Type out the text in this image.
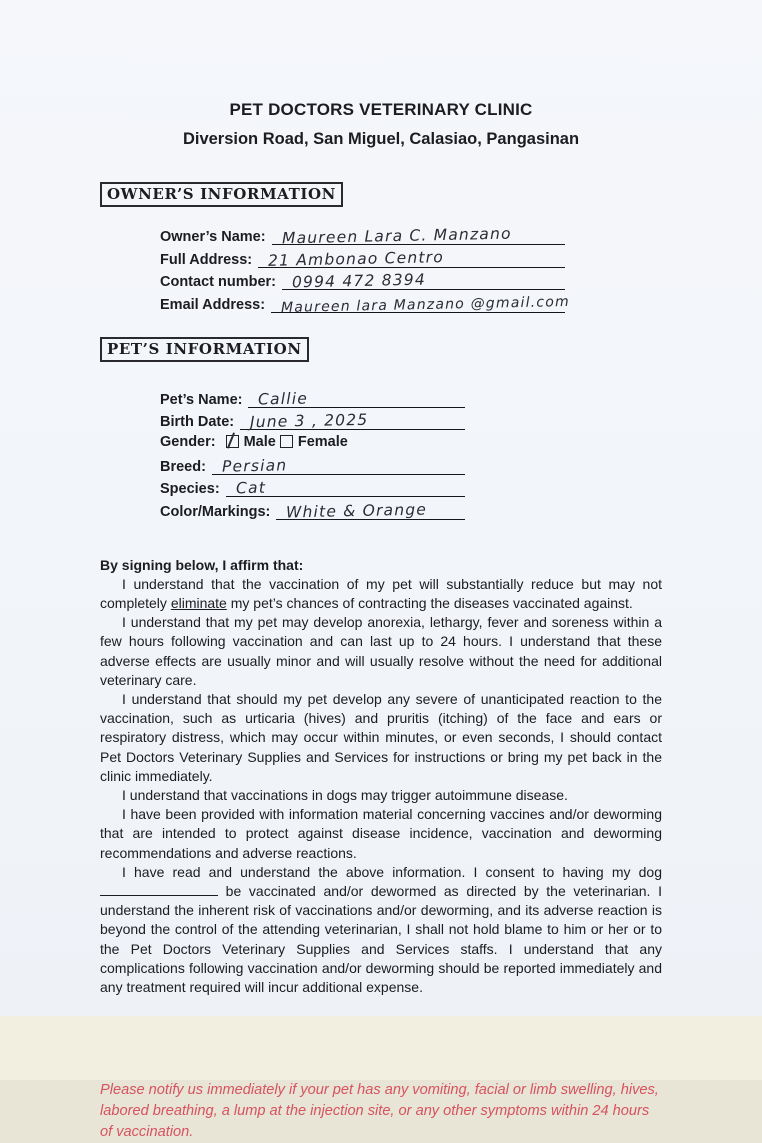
PET DOCTORS VETERINARY CLINIC

Diversion Road, San Miguel, Calasiao, Pangasinan

OWNER’S INFORMATION
Owner’s Name:	Maureen Lara C. Manzano
Full Address:	21 Ambonao Centro
Contact number:	0994 472 8394
Email Address:	Maureen lara Manzano @gmail.com
PET’S INFORMATION
Pet’s Name:	Callie
Birth Date:	June 3 , 2025
Gender:	Male Female
Breed:	Persian
Species:	Cat
Color/Markings:	White & Orange

By signing below, I affirm that:

I understand that the vaccination of my pet will substantially reduce but may not completely eliminate my pet’s chances of contracting the diseases vaccinated against.

I understand that my pet may develop anorexia, lethargy, fever and soreness within a few hours following vaccination and can last up to 24 hours. I understand that these adverse effects are usually minor and will usually resolve without the need for additional veterinary care.

I understand that should my pet develop any severe of unanticipated reaction to the vaccination, such as urticaria (hives) and pruritis (itching) of the face and ears or respiratory distress, which may occur within minutes, or even seconds, I should contact Pet Doctors Veterinary Supplies and Services for instructions or bring my pet back in the clinic immediately.

I understand that vaccinations in dogs may trigger autoimmune disease.

I have been provided with information material concerning vaccines and/or deworming that are intended to protect against disease incidence, vaccination and deworming recommendations and adverse reactions.

I have read and understand the above information. I consent to having my dog  be vaccinated and/or dewormed as directed by the veterinarian. I understand the inherent risk of vaccinations and/or deworming, and its adverse reaction is beyond the control of the attending veterinarian, I shall not hold blame to him or her or to the Pet Doctors Veterinary Supplies and Services staffs. I understand that any complications following vaccination and/or deworming should be reported immediately and any treatment required will incur additional expense.

Please notify us immediately if your pet has any vomiting, facial or limb swelling, hives, labored breathing, a lump at the injection site, or any other symptoms within 24 hours of vaccination.
